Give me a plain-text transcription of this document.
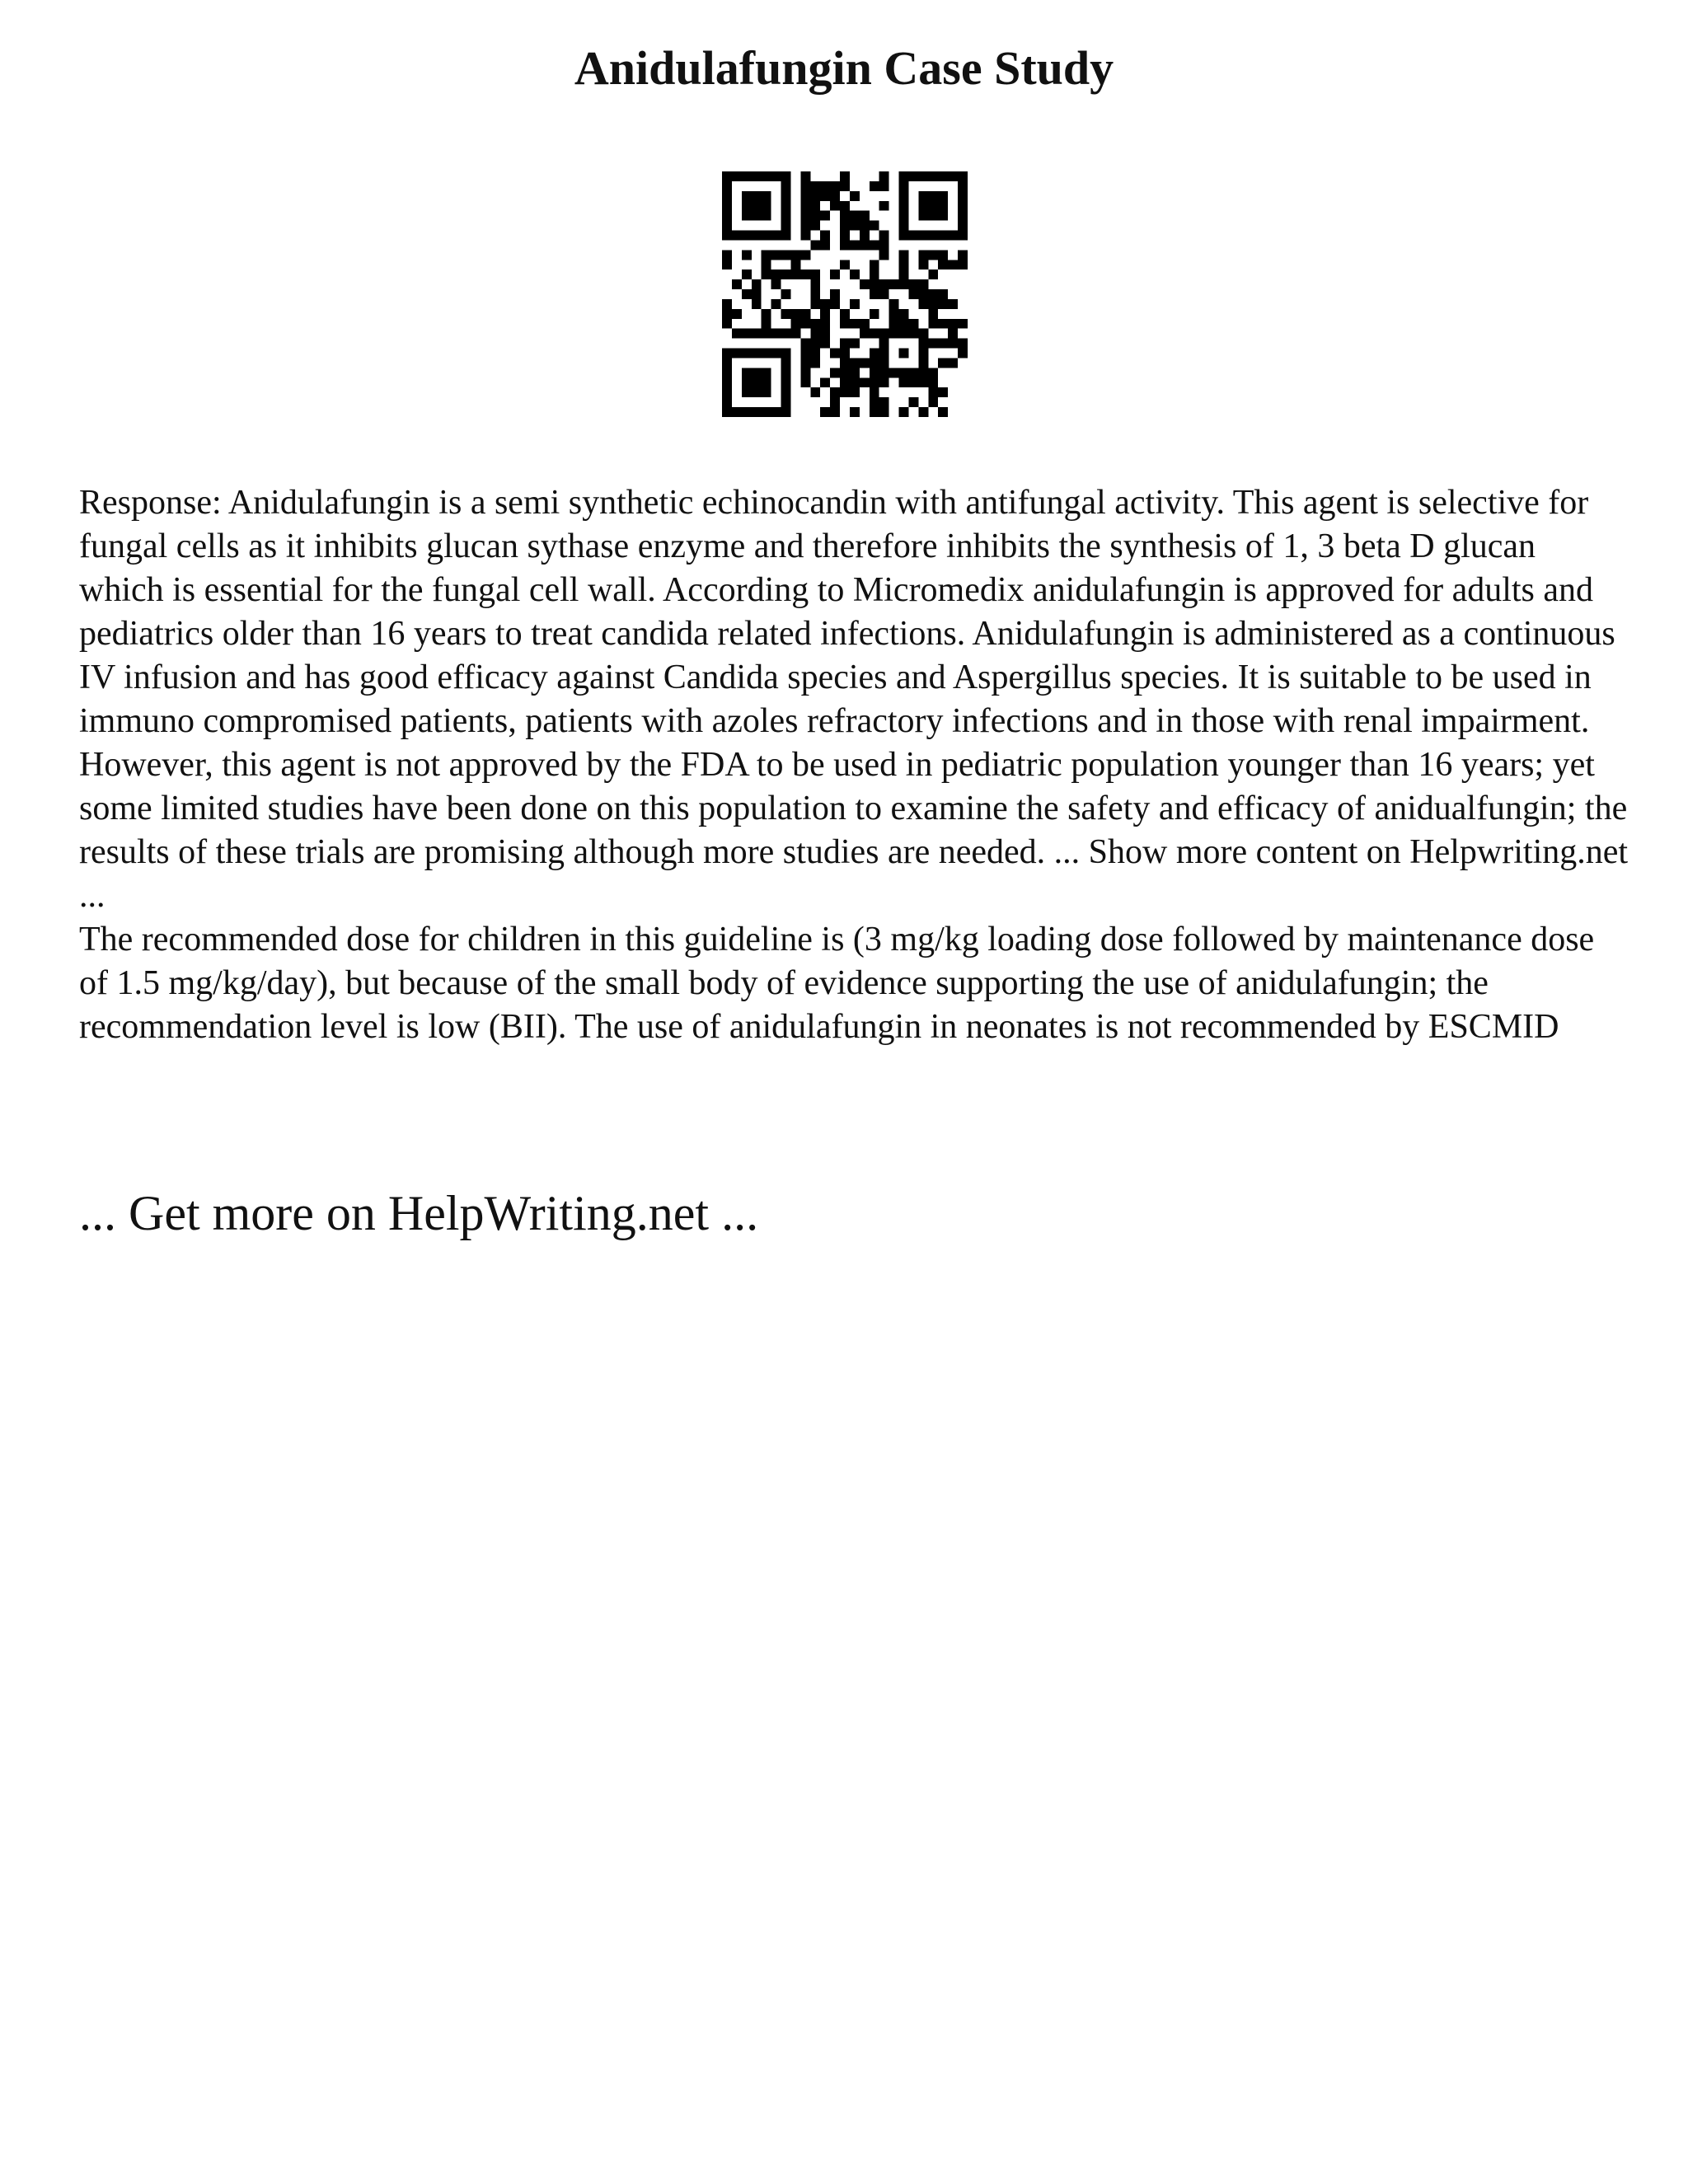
Anidulafungin Case Study

Response: Anidulafungin is a semi synthetic echinocandin with antifungal activity. This agent is selective for fungal cells as it inhibits glucan sythase enzyme and therefore inhibits the synthesis of 1, 3 beta D glucan which is essential for the fungal cell wall. According to Micromedix anidulafungin is approved for adults and pediatrics older than 16 years to treat candida related infections. Anidulafungin is administered as a continuous IV infusion and has good efficacy against Candida species and Aspergillus species. It is suitable to be used in immuno compromised patients, patients with azoles refractory infections and in those with renal impairment. However, this agent is not approved by the FDA to be used in pediatric population younger than 16 years; yet some limited studies have been done on this population to examine the safety and efficacy of anidualfungin; the results of these trials are promising although more studies are needed. ... Show more content on Helpwriting.net ...

The recommended dose for children in this guideline is (3 mg/kg loading dose followed by maintenance dose of 1.5 mg/kg/day), but because of the small body of evidence supporting the use of anidulafungin; the recommendation level is low (BII). The use of anidulafungin in neonates is not recommended by ESCMID

... Get more on HelpWriting.net ...
